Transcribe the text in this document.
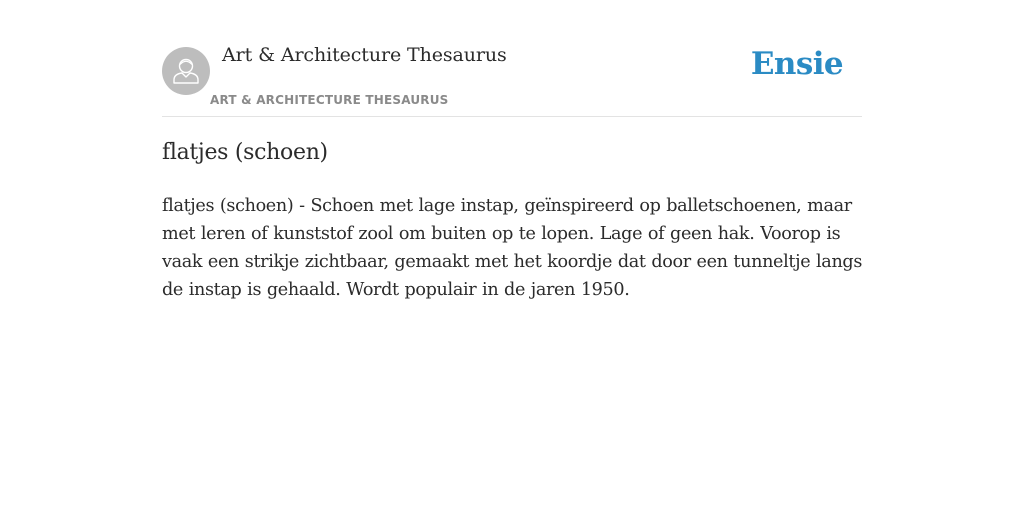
Art & Architecture Thesaurus
ART & ARCHITECTURE THESAURUS
Ensie
flatjes (schoen)

flatjes (schoen) - Schoen met lage instap, geïnspireerd op balletschoenen, maar met leren of kunststof zool om buiten op te lopen. Lage of geen hak. Voorop is vaak een strikje zichtbaar, gemaakt met het koordje dat door een tunneltje langs de instap is gehaald. Wordt populair in de jaren 1950.
